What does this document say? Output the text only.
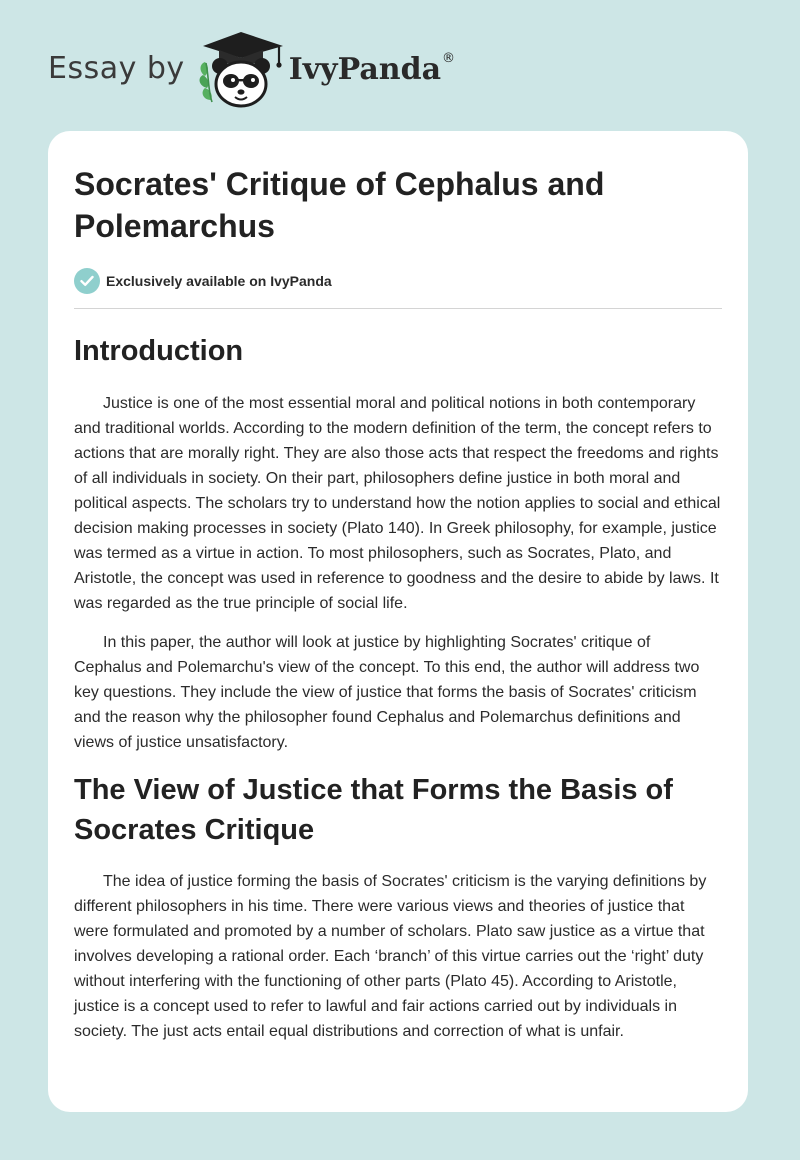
Essay by	IvyPanda ®
Socrates' Critique of Cephalus and Polemarchus
Exclusively available on IvyPanda
Introduction

Justice is one of the most essential moral and political notions in both contemporary and traditional worlds. According to the modern definition of the term, the concept refers to actions that are morally right. They are also those acts that respect the freedoms and rights of all individuals in society. On their part, philosophers define justice in both moral and political aspects. The scholars try to understand how the notion applies to social and ethical decision making processes in society (Plato 140). In Greek philosophy, for example, justice was termed as a virtue in action. To most philosophers, such as Socrates, Plato, and Aristotle, the concept was used in reference to goodness and the desire to abide by laws. It was regarded as the true principle of social life.

In this paper, the author will look at justice by highlighting Socrates' critique of Cephalus and Polemarchu's view of the concept. To this end, the author will address two key questions. They include the view of justice that forms the basis of Socrates' criticism and the reason why the philosopher found Cephalus and Polemarchus definitions and views of justice unsatisfactory.

The View of Justice that Forms the Basis of Socrates Critique

The idea of justice forming the basis of Socrates' criticism is the varying definitions by different philosophers in his time. There were various views and theories of justice that were formulated and promoted by a number of scholars. Plato saw justice as a virtue that involves developing a rational order. Each ‘branch’ of this virtue carries out the ‘right’ duty without interfering with the functioning of other parts (Plato 45). According to Aristotle, justice is a concept used to refer to lawful and fair actions carried out by individuals in society. The just acts entail equal distributions and correction of what is unfair.
